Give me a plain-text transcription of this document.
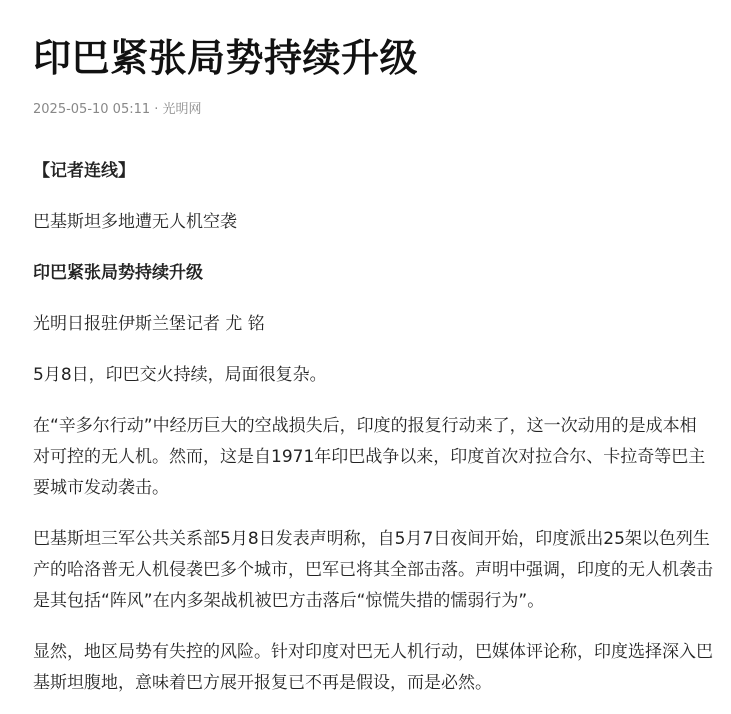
印巴紧张局势持续升级
2025-05-10 05:11 · 光明网

【记者连线】

巴基斯坦多地遭无人机空袭

印巴紧张局势持续升级

光明日报驻伊斯兰堡记者 尤 铭

5月8日，印巴交火持续，局面很复杂。

在“辛多尔行动”中经历巨大的空战损失后，印度的报复行动来了，这一次动用的是成本相对可控的无人机。然而，这是自1971年印巴战争以来，印度首次对拉合尔、卡拉奇等巴主要城市发动袭击。

巴基斯坦三军公共关系部5月8日发表声明称，自5月7日夜间开始，印度派出25架以色列生产的哈洛普无人机侵袭巴多个城市，巴军已将其全部击落。声明中强调，印度的无人机袭击是其包括“阵风”在内多架战机被巴方击落后“惊慌失措的懦弱行为”。

显然，地区局势有失控的风险。针对印度对巴无人机行动，巴媒体评论称，印度选择深入巴基斯坦腹地，意味着巴方展开报复已不再是假设，而是必然。
